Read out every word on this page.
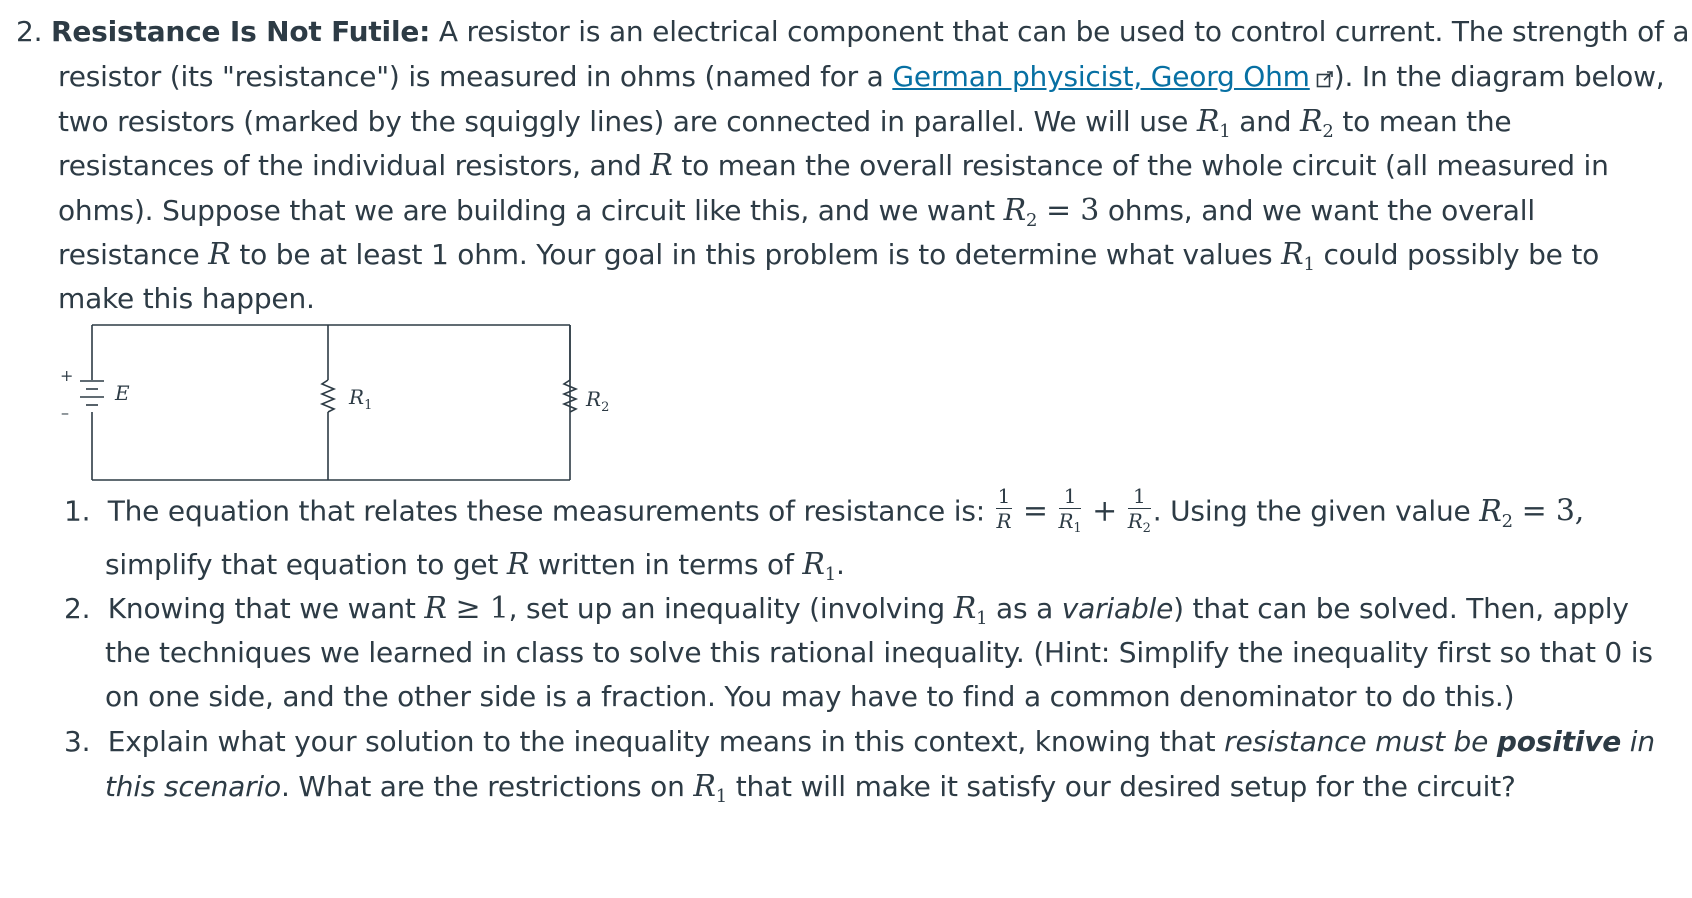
2. Resistance Is Not Futile: A resistor is an electrical component that can be used to control current. The strength of a
resistor (its "resistance") is measured in ohms (named for a German physicist, Georg Ohm ). In the diagram below,
two resistors (marked by the squiggly lines) are connected in parallel. We will use $R_1$ and $R_2$ to mean the
resistances of the individual resistors, and R to mean the overall resistance of the whole circuit (all measured in
ohms). Suppose that we are building a circuit like this, and we want $R_2 = 3$ ohms, and we want the overall
resistance R to be at least 1 ohm. Your goal in this problem is to determine what values $R_1$ could possibly be to
make this happen.
+
–
E	$R_1$	$R_2$
1. The equation that relates these measurements of resistance is: $\frac{1}{R} = \frac{1}{R_1} + \frac{1}{R_2}$ . Using the given value $R_2 = 3$,
simplify that equation to get R written in terms of $R_1$.
2. Knowing that we want R ≥ 1, set up an inequality (involving $R_1$ as a variable) that can be solved. Then, apply
the techniques we learned in class to solve this rational inequality. (Hint: Simplify the inequality first so that 0 is
on one side, and the other side is a fraction. You may have to find a common denominator to do this.)
3. Explain what your solution to the inequality means in this context, knowing that resistance must be positive in
this scenario. What are the restrictions on $R_1$ that will make it satisfy our desired setup for the circuit?
